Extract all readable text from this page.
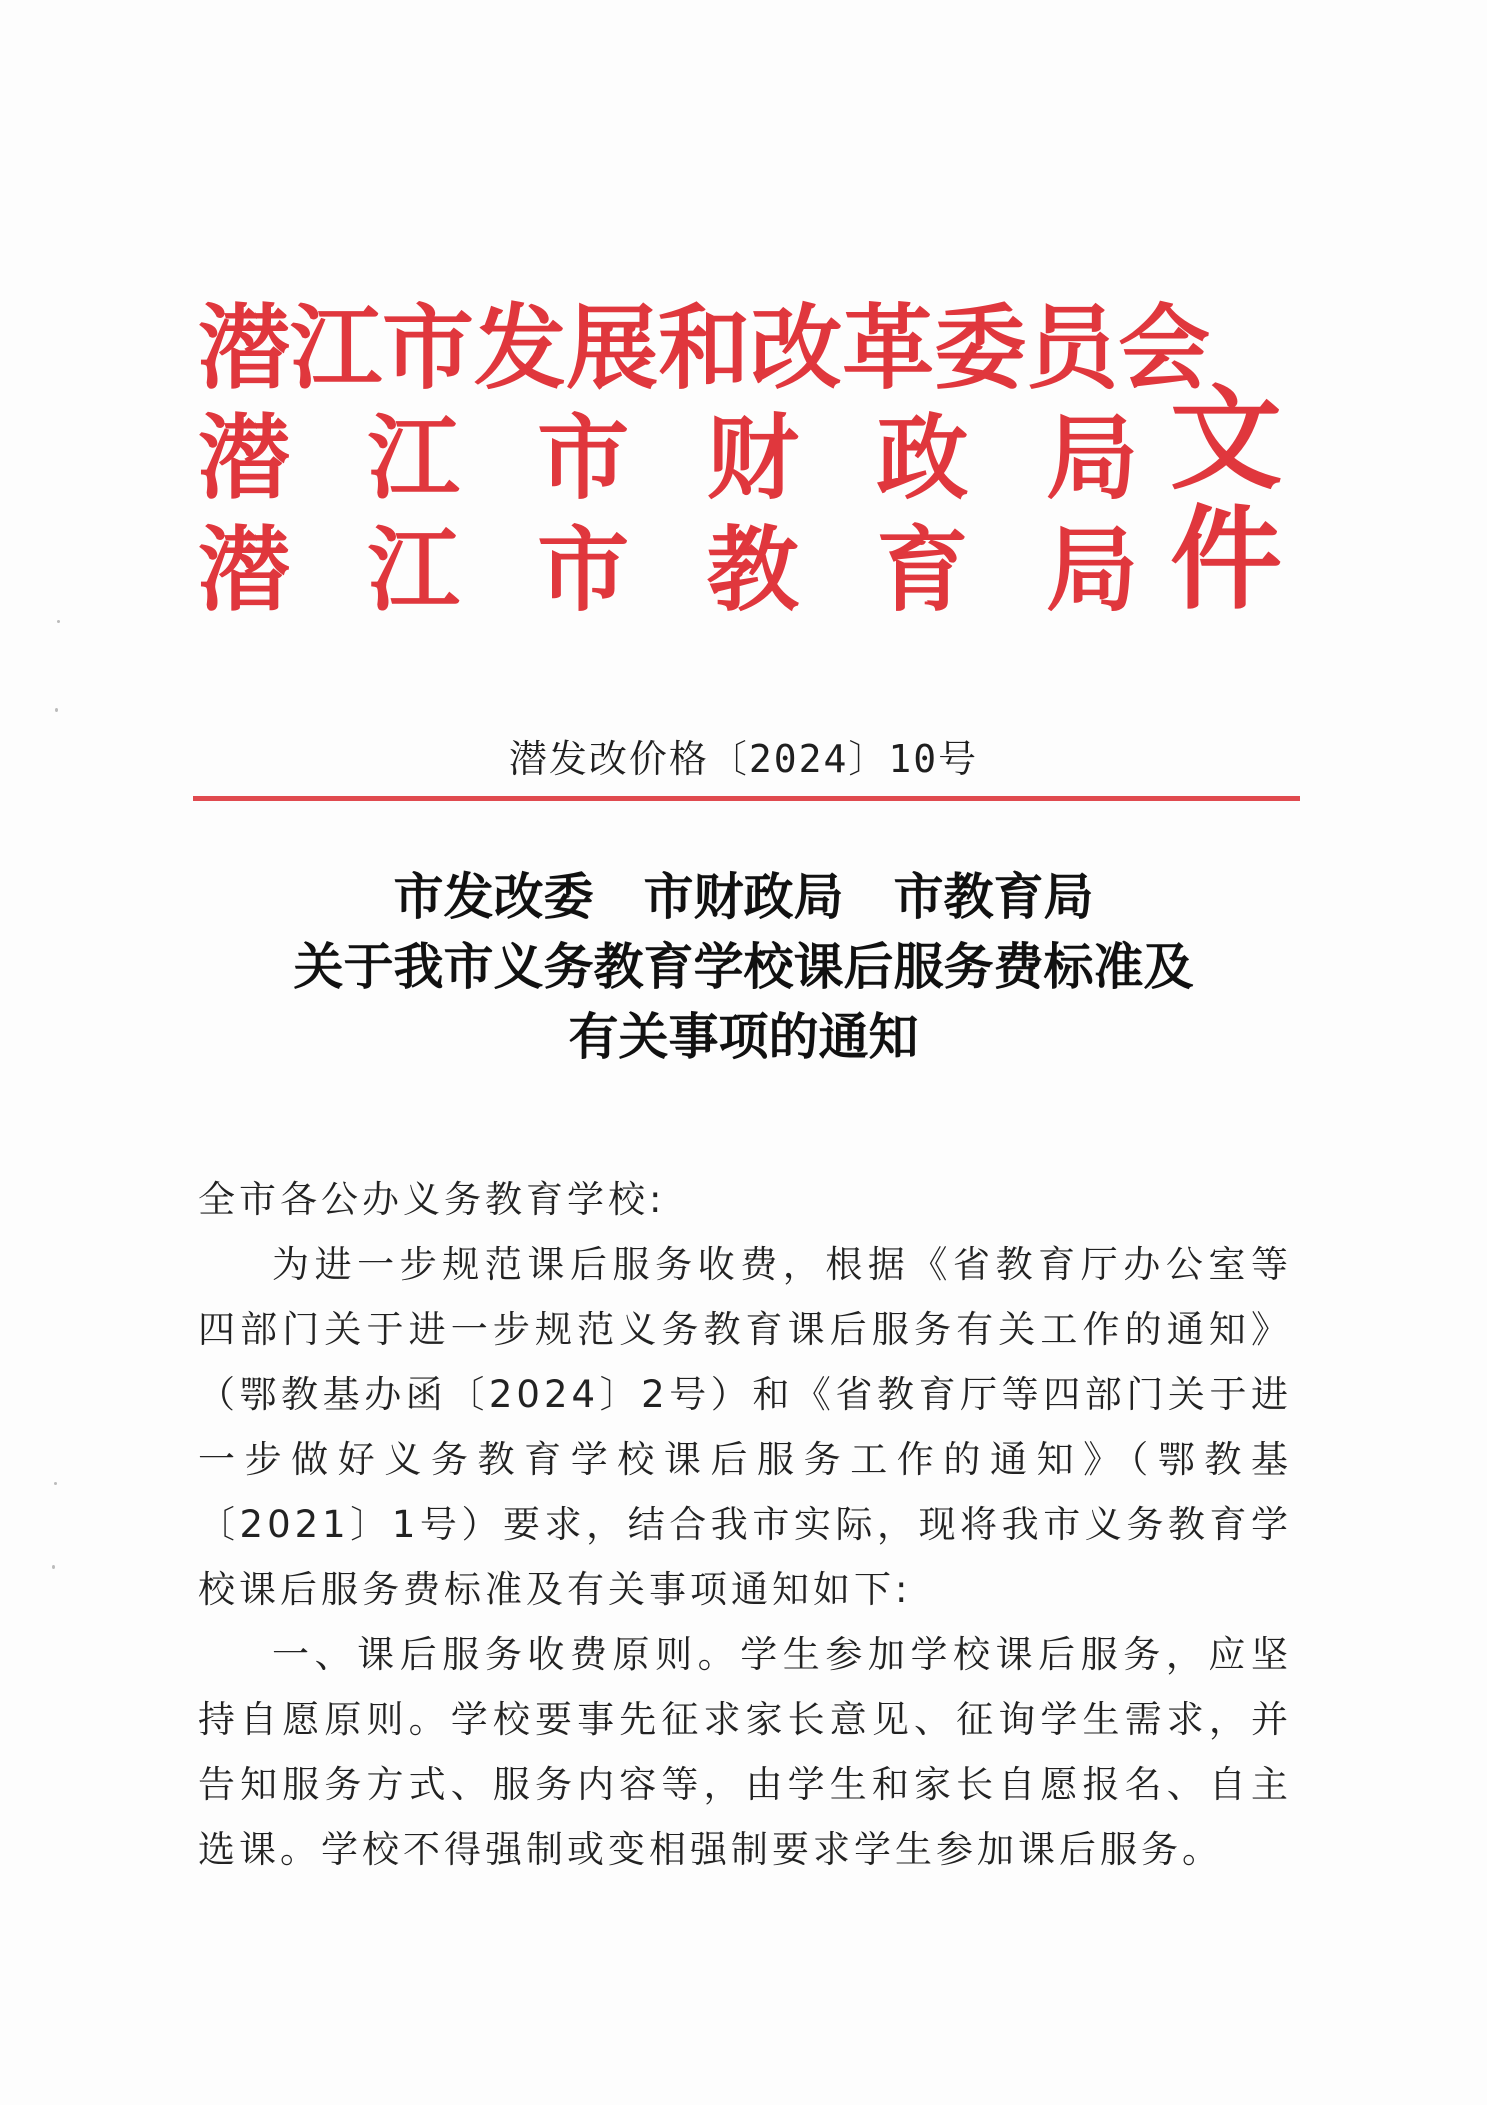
潜 江 市 发 展 和 改 革 委 员 会
潜 江 市 财 政 局
潜 江 市 教 育 局
文件
潜发改价格〔2024〕10号
市发改委 市财政局 市教育局
关于我市义务教育学校课后服务费标准及
有关事项的通知
全市各公办义务教育学校:

为进一步规范课后服务收费，根据《省教育厅办公室等四部门关于进一步规范义务教育课后服务有关工作的通知》（鄂教基办函〔2024〕2号）和《省教育厅等四部门关于进一步做好义务教育学校课后服务工作的通知》（鄂教基〔2021〕1号）要求，结合我市实际，现将我市义务教育学校课后服务费标准及有关事项通知如下:

一、课后服务收费原则。学生参加学校课后服务，应坚持自愿原则。学校要事先征求家长意见、征询学生需求，并告知服务方式、服务内容等，由学生和家长自愿报名、自主选课。学校不得强制或变相强制要求学生参加课后服务。
